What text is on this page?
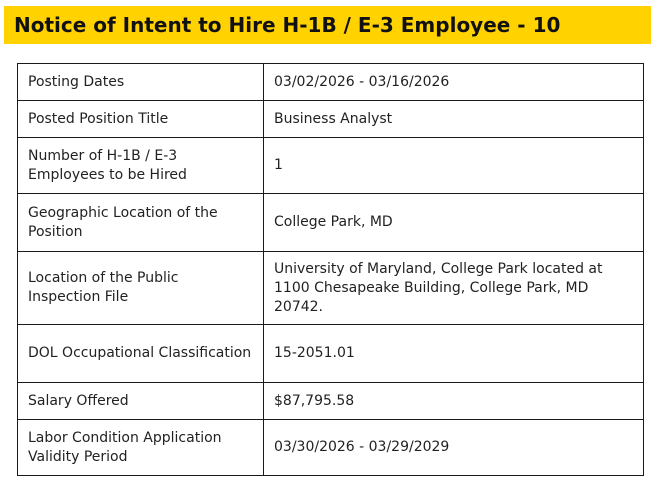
Notice of Intent to Hire H-1B / E-3 Employee - 10
Posting Dates	03/02/2026 - 03/16/2026
Posted Position Title	Business Analyst
Number of H-1B / E-3 Employees to be Hired	1
Geographic Location of the Position	College Park, MD
Location of the Public Inspection File	University of Maryland, College Park located at 1100 Chesapeake Building, College Park, MD 20742.
DOL Occupational Classification	15-2051.01
Salary Offered	$87,795.58
Labor Condition Application Validity Period	03/30/2026 - 03/29/2029
